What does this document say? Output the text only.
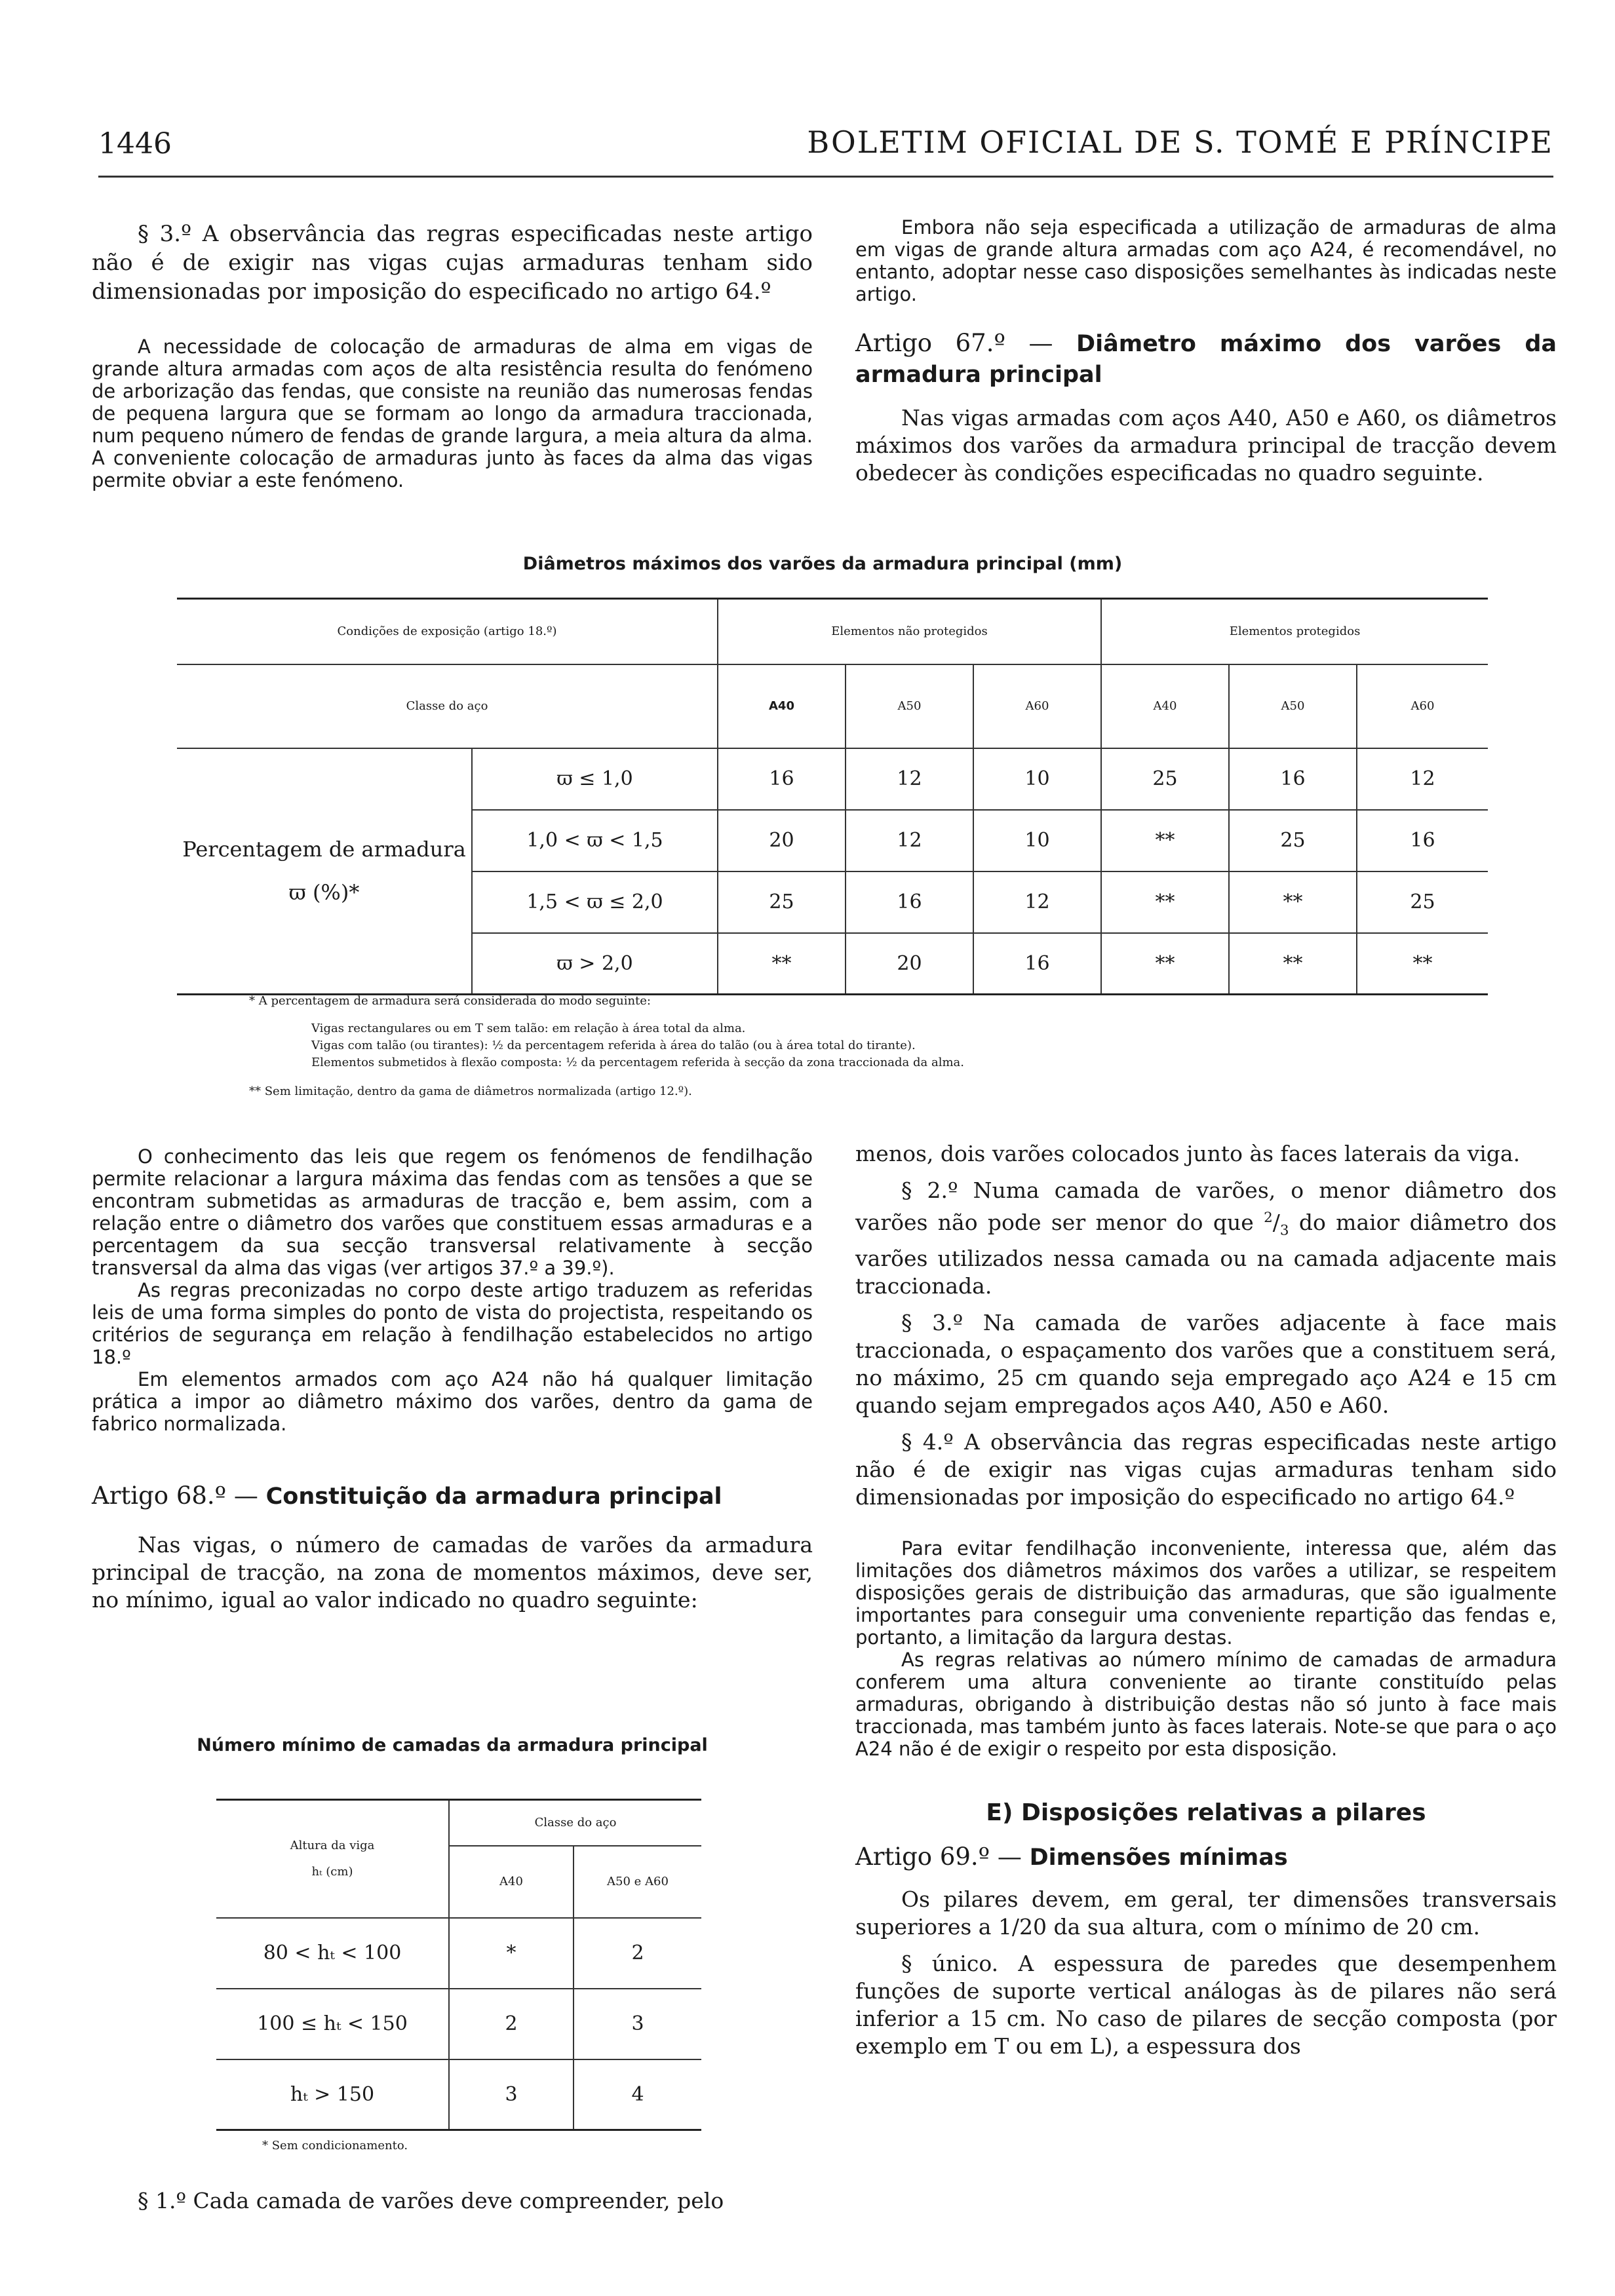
1446	BOLETIM OFICIAL DE S. TOMÉ E PRÍNCIPE

§ 3.º A observância das regras especificadas neste artigo não é de exigir nas vigas cujas armaduras tenham sido dimensionadas por imposição do especificado no artigo 64.º

A necessidade de colocação de armaduras de alma em vigas de grande altura armadas com aços de alta resistência resulta do fenómeno de arborização das fendas, que consiste na reunião das numerosas fendas de pequena largura que se formam ao longo da armadura traccionada, num pequeno número de fendas de grande largura, a meia altura da alma. A conveniente colocação de armaduras junto às faces da alma das vigas permite obviar a este fenómeno.

Embora não seja especificada a utilização de armaduras de alma em vigas de grande altura armadas com aço A24, é recomendável, no entanto, adoptar nesse caso disposições semelhantes às indicadas neste artigo.

Artigo 67.º — Diâmetro máximo dos varões da armadura principal

Nas vigas armadas com aços A40, A50 e A60, os diâmetros máximos dos varões da armadura principal de tracção devem obedecer às condições especificadas no quadro seguinte.

Diâmetros máximos dos varões da armadura principal (mm)
Condições de exposição (artigo 18.º)		Elementos não protegidos			Elementos protegidos		
Classe do aço		A40	A50	A60	A40	A50	A60

Percentagem de armadura
ϖ (%)*	ϖ ≤ 1,0	16	12	10	25	16	12
	1,0 < ϖ < 1,5	20	12	10	**	25	16
	1,5 < ϖ ≤ 2,0	25	16	12	**	**	25
	ϖ > 2,0	**	20	16	**	**	**
* A percentagem de armadura será considerada do modo seguinte:
Vigas rectangulares ou em T sem talão: em relação à área total da alma.
Vigas com talão (ou tirantes): ½ da percentagem referida à área do talão (ou à área total do tirante).
Elementos submetidos à flexão composta: ½ da percentagem referida à secção da zona traccionada da alma.
** Sem limitação, dentro da gama de diâmetros normalizada (artigo 12.º).

O conhecimento das leis que regem os fenómenos de fendilhação permite relacionar a largura máxima das fendas com as tensões a que se encontram submetidas as armaduras de tracção e, bem assim, com a relação entre o diâmetro dos varões que constituem essas armaduras e a percentagem da sua secção transversal relativamente à secção transversal da alma das vigas (ver artigos 37.º a 39.º).

As regras preconizadas no corpo deste artigo traduzem as referidas leis de uma forma simples do ponto de vista do projectista, respeitando os critérios de segurança em relação à fendilhação estabelecidos no artigo 18.º

Em elementos armados com aço A24 não há qualquer limitação prática a impor ao diâmetro máximo dos varões, dentro da gama de fabrico normalizada.

Artigo 68.º — Constituição da armadura principal

Nas vigas, o número de camadas de varões da armadura principal de tracção, na zona de momentos máximos, deve ser, no mínimo, igual ao valor indicado no quadro seguinte:

Número mínimo de camadas da armadura principal
Altura da viga
hₜ (cm)	Classe do aço	
	A40	A50 e A60
80 < hₜ < 100	*	2
100 ≤ hₜ < 150	2	3
hₜ > 150	3	4
* Sem condicionamento.

§ 1.º Cada camada de varões deve compreender, pelo

menos, dois varões colocados junto às faces laterais da viga.

§ 2.º Numa camada de varões, o menor diâmetro dos varões não pode ser menor do que $^2/_3$ do maior diâmetro dos varões utilizados nessa camada ou na camada adjacente mais traccionada.

§ 3.º Na camada de varões adjacente à face mais traccionada, o espaçamento dos varões que a constituem será, no máximo, 25 cm quando seja empregado aço A24 e 15 cm quando sejam empregados aços A40, A50 e A60.

§ 4.º A observância das regras especificadas neste artigo não é de exigir nas vigas cujas armaduras tenham sido dimensionadas por imposição do especificado no artigo 64.º

Para evitar fendilhação inconveniente, interessa que, além das limitações dos diâmetros máximos dos varões a utilizar, se respeitem disposições gerais de distribuição das armaduras, que são igualmente importantes para conseguir uma conveniente repartição das fendas e, portanto, a limitação da largura destas.

As regras relativas ao número mínimo de camadas de armadura conferem uma altura conveniente ao tirante constituído pelas armaduras, obrigando à distribuição destas não só junto à face mais traccionada, mas também junto às faces laterais. Note-se que para o aço A24 não é de exigir o respeito por esta disposição.

E) Disposições relativas a pilares

Artigo 69.º — Dimensões mínimas

Os pilares devem, em geral, ter dimensões transversais superiores a 1/20 da sua altura, com o mínimo de 20 cm.

§ único. A espessura de paredes que desempenhem funções de suporte vertical análogas às de pilares não será inferior a 15 cm. No caso de pilares de secção composta (por exemplo em T ou em L), a espessura dos
